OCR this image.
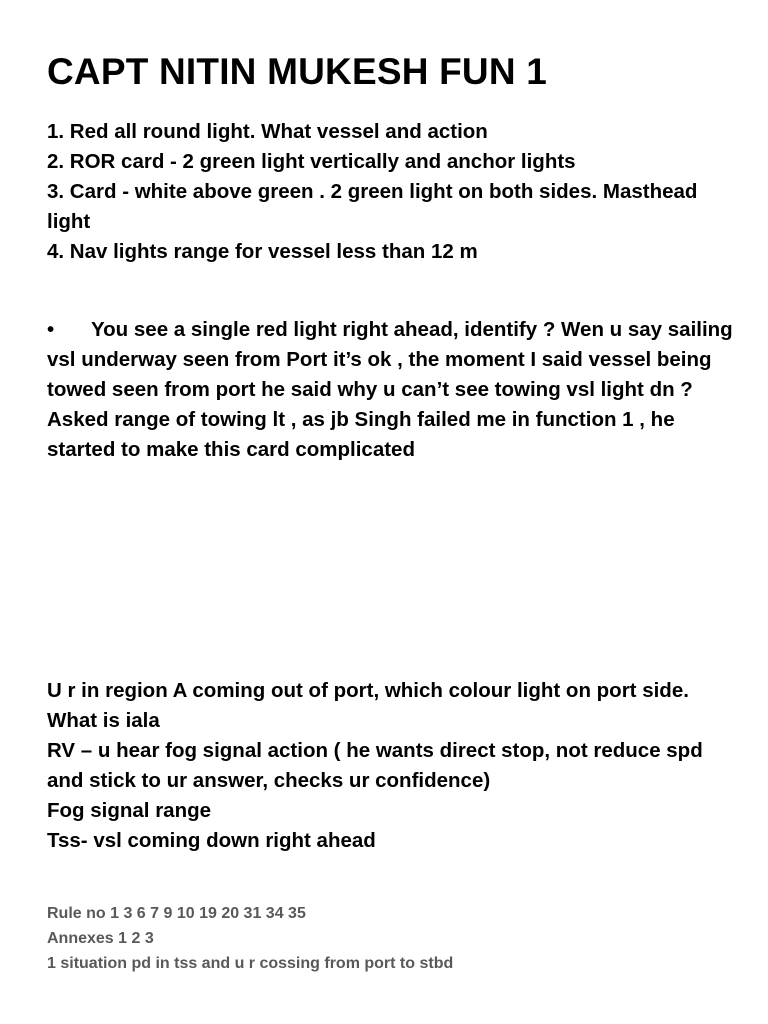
CAPT NITIN MUKESH FUN 1

1. Red all round light. What vessel and action

2. ROR card - 2 green light vertically and anchor lights

3. Card - white above green . 2 green light on both sides. Masthead light

4. Nav lights range for vessel less than 12 m

• You see a single red light right ahead, identify ? Wen u say sailing vsl underway seen from Port it’s ok , the moment I said vessel being towed seen from port he said why u can’t see towing vsl light dn ? Asked range of towing lt , as jb Singh failed me in function 1 , he started to make this card complicated

U r in region A coming out of port, which colour light on port side.

What is iala

RV – u hear fog signal action ( he wants direct stop, not reduce spd and stick to ur answer, checks ur confidence)

Fog signal range

Tss- vsl coming down right ahead

Rule no 1 3 6 7 9 10 19 20 31 34 35

Annexes 1 2 3

1 situation pd in tss and u r cossing from port to stbd
